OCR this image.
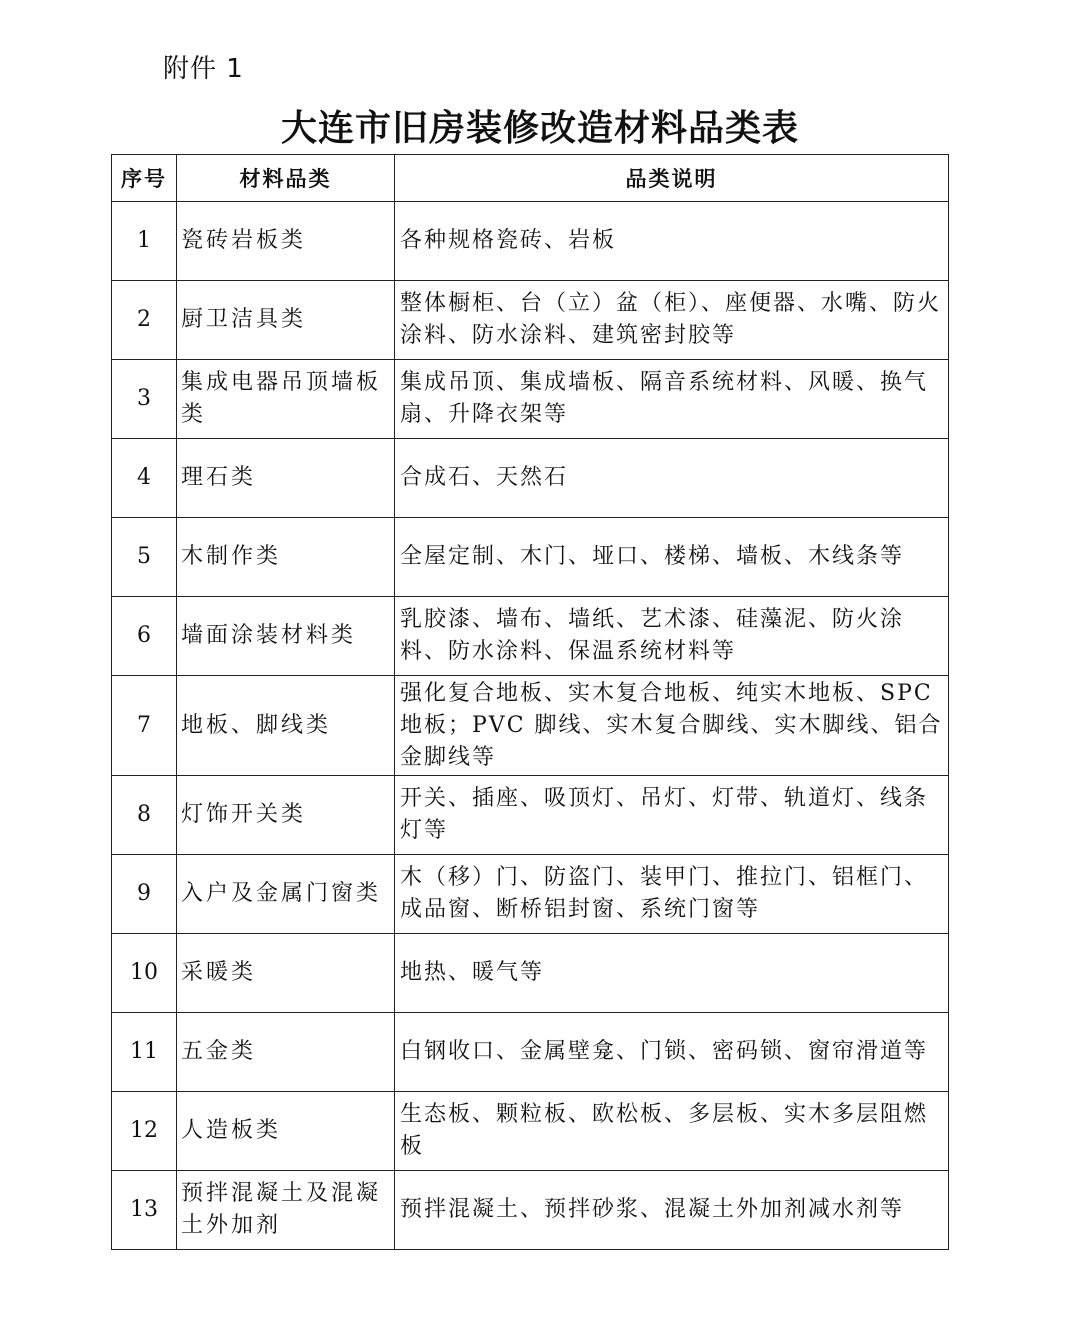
附件 1
大连市旧房装修改造材料品类表
序号	材料品类	品类说明
1	瓷砖岩板类	各种规格瓷砖、岩板
2	厨卫洁具类	整体橱柜、台（立）盆（柜）、座便器、水嘴、防火涂料、防水涂料、建筑密封胶等
3	集成电器吊顶墙板类	集成吊顶、集成墙板、隔音系统材料、风暖、换气扇、升降衣架等
4	理石类	合成石、天然石
5	木制作类	全屋定制、木门、垭口、楼梯、墙板、木线条等
6	墙面涂装材料类	乳胶漆、墙布、墙纸、艺术漆、硅藻泥、防火涂料、防水涂料、保温系统材料等
7	地板、脚线类	强化复合地板、实木复合地板、纯实木地板、SPC地板；PVC 脚线、实木复合脚线、实木脚线、铝合金脚线等
8	灯饰开关类	开关、插座、吸顶灯、吊灯、灯带、轨道灯、线条灯等
9	入户及金属门窗类	木（移）门、防盗门、装甲门、推拉门、铝框门、成品窗、断桥铝封窗、系统门窗等
10	采暖类	地热、暖气等
11	五金类	白钢收口、金属壁龛、门锁、密码锁、窗帘滑道等
12	人造板类	生态板、颗粒板、欧松板、多层板、实木多层阻燃板
13	预拌混凝土及混凝土外加剂	预拌混凝土、预拌砂浆、混凝土外加剂减水剂等
